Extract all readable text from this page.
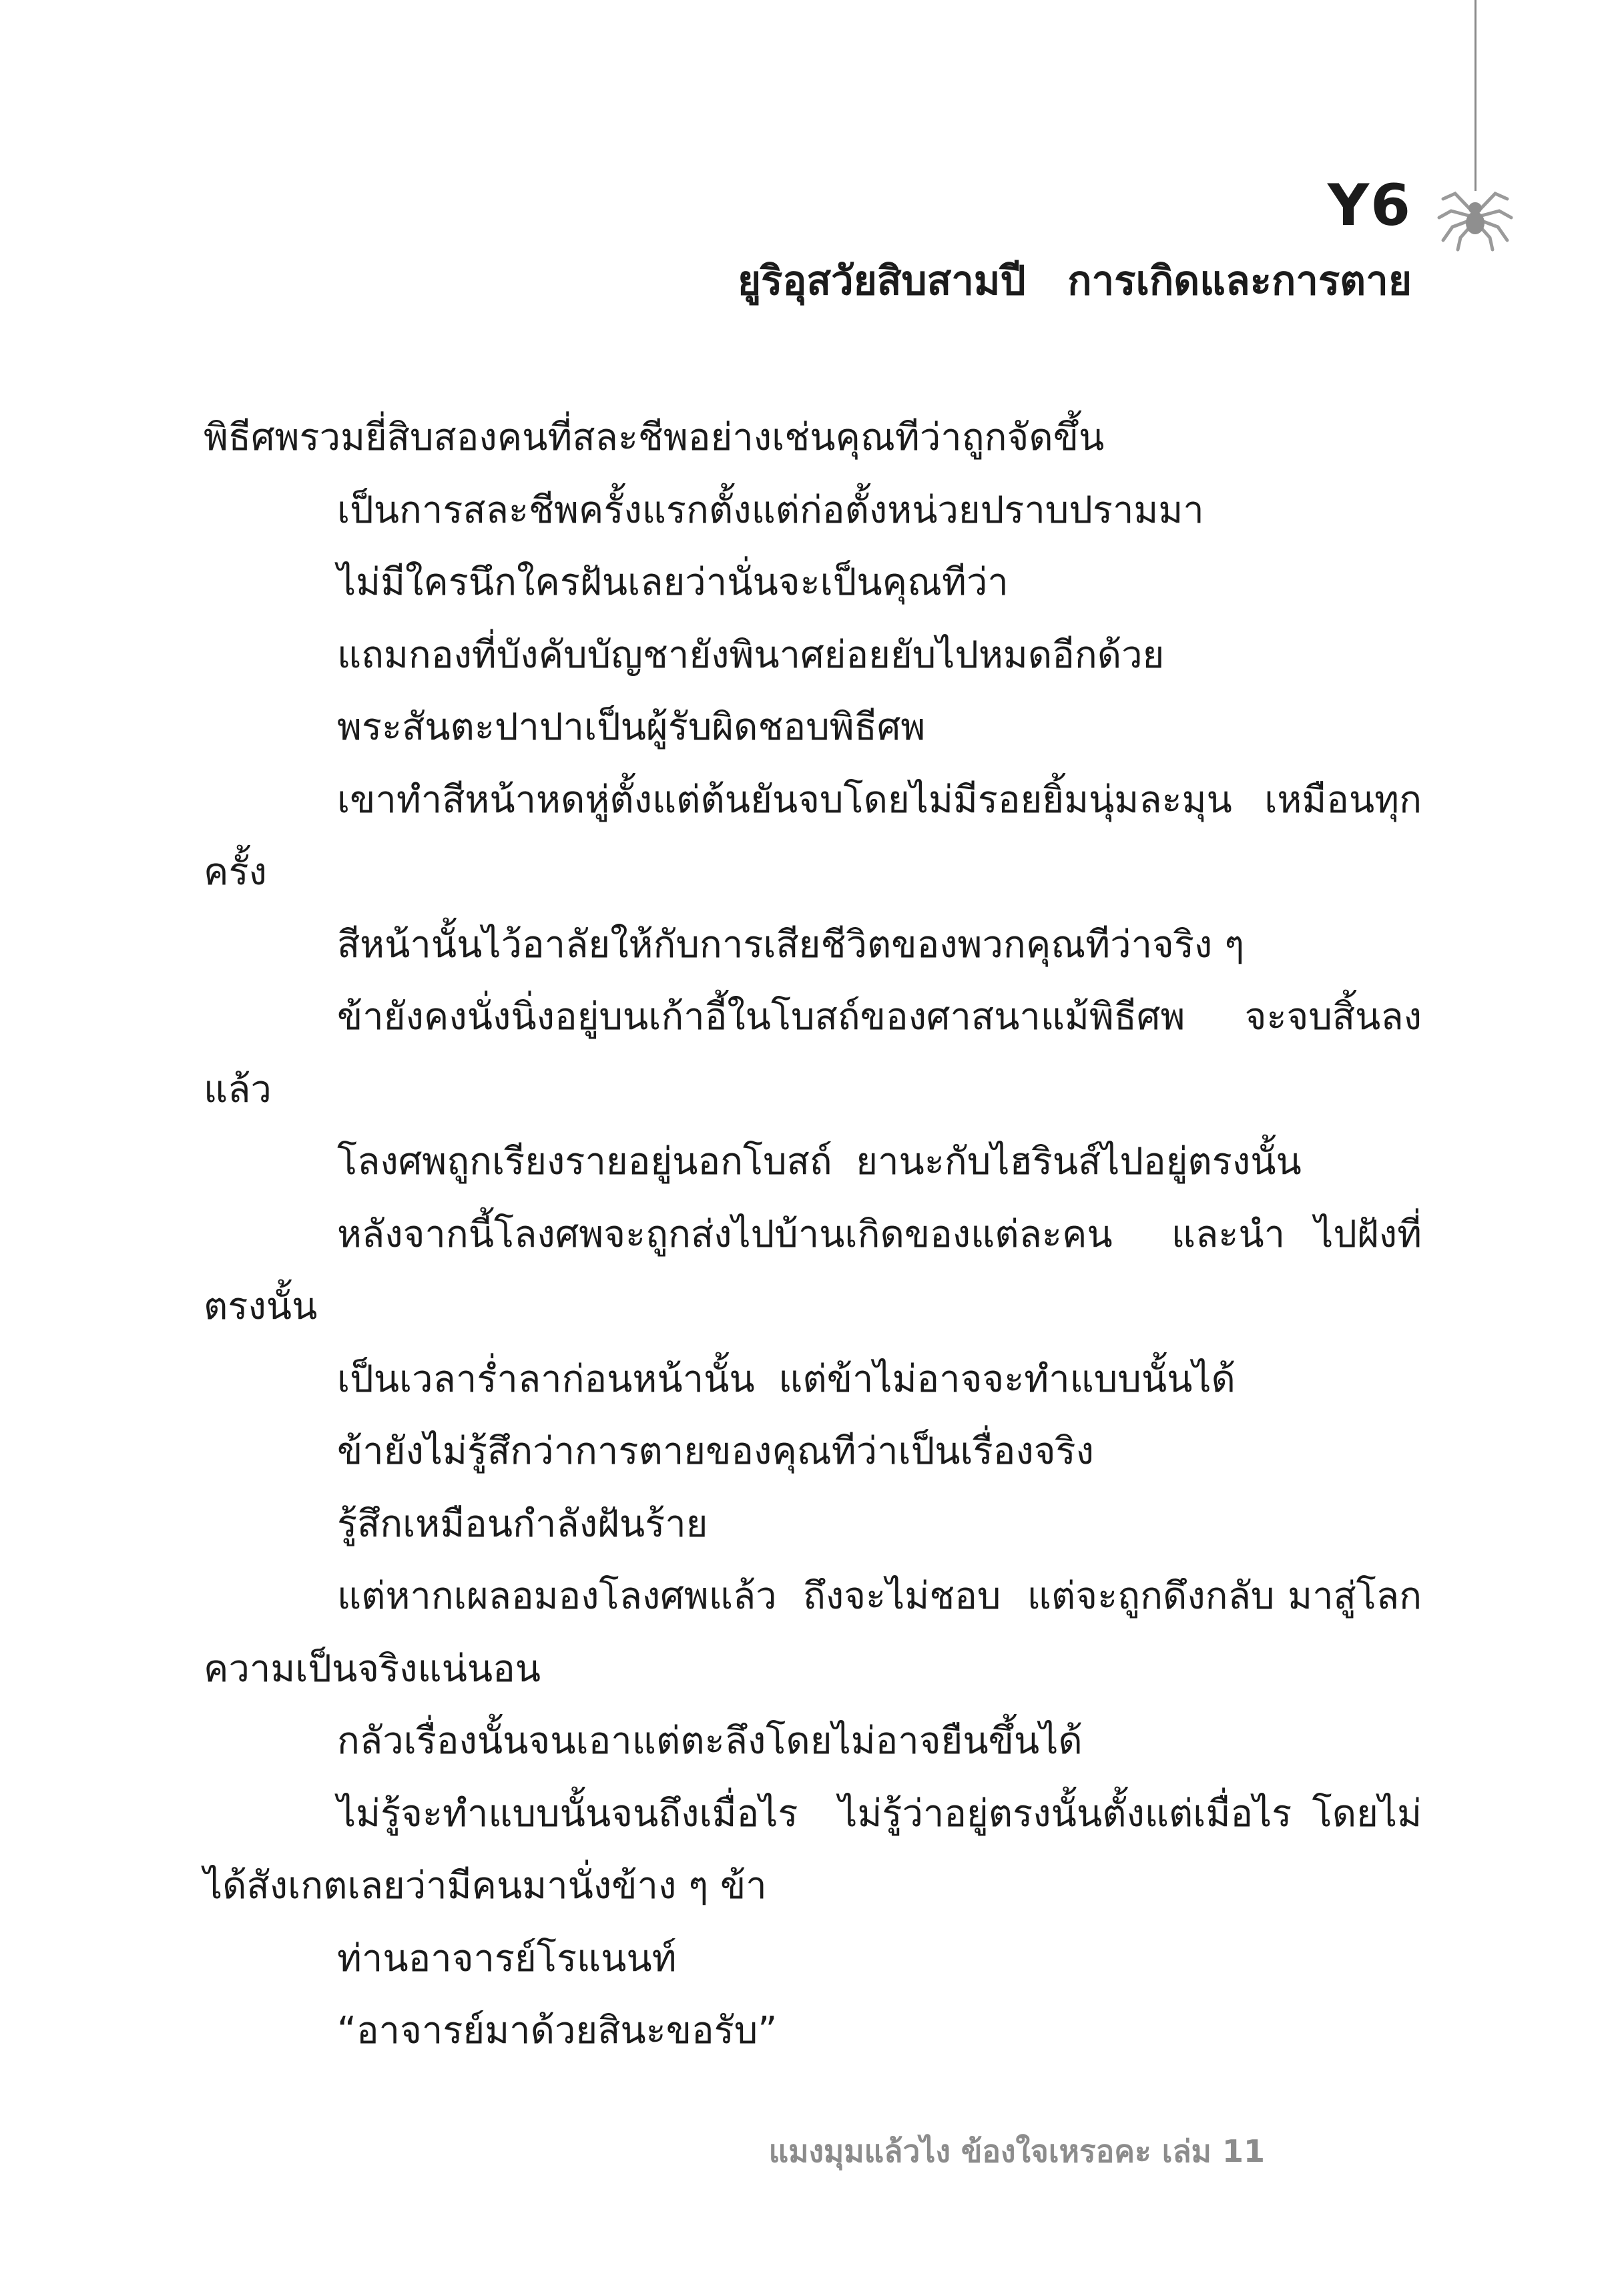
Y6
ยูริอุสวัยสิบสามปี   การเกิดและการตาย

พิธีศพรวมยี่สิบสองคนที่สละชีพอย่างเช่นคุณทีว่าถูกจัดขึ้น

เป็นการสละชีพครั้งแรกตั้งแต่ก่อตั้งหน่วยปราบปรามมา

ไม่มีใครนึกใครฝันเลยว่านั่นจะเป็นคุณทีว่า

แถมกองที่บังคับบัญชายังพินาศย่อยยับไปหมดอีกด้วย

พระสันตะปาปาเป็นผู้รับผิดชอบพิธีศพ

เขาทำสีหน้าหดหู่ตั้งแต่ต้นยันจบโดยไม่มีรอยยิ้มนุ่มละมุน เหมือนทุกครั้ง

สีหน้านั้นไว้อาลัยให้กับการเสียชีวิตของพวกคุณทีว่าจริง ๆ

ข้ายังคงนั่งนิ่งอยู่บนเก้าอี้ในโบสถ์ของศาสนาแม้พิธีศพ จะจบสิ้นลงแล้ว

โลงศพถูกเรียงรายอยู่นอกโบสถ์  ยานะกับไฮรินส์ไปอยู่ตรงนั้น

หลังจากนี้โลงศพจะถูกส่งไปบ้านเกิดของแต่ละคน  และนำ ไปฝังที่ตรงนั้น

เป็นเวลาร่ำลาก่อนหน้านั้น  แต่ข้าไม่อาจจะทำแบบนั้นได้

ข้ายังไม่รู้สึกว่าการตายของคุณทีว่าเป็นเรื่องจริง

รู้สึกเหมือนกำลังฝันร้าย

แต่หากเผลอมองโลงศพแล้ว  ถึงจะไม่ชอบ  แต่จะถูกดึงกลับ มาสู่โลกความเป็นจริงแน่นอน

กลัวเรื่องนั้นจนเอาแต่ตะลึงโดยไม่อาจยืนขึ้นได้

ไม่รู้จะทำแบบนั้นจนถึงเมื่อไร  ไม่รู้ว่าอยู่ตรงนั้นตั้งแต่เมื่อไร โดยไม่ได้สังเกตเลยว่ามีคนมานั่งข้าง ๆ ข้า

ท่านอาจารย์โรแนนท์

“อาจารย์มาด้วยสินะขอรับ”

แมงมุมแล้วไง ข้องใจเหรอคะ เล่ม 11
